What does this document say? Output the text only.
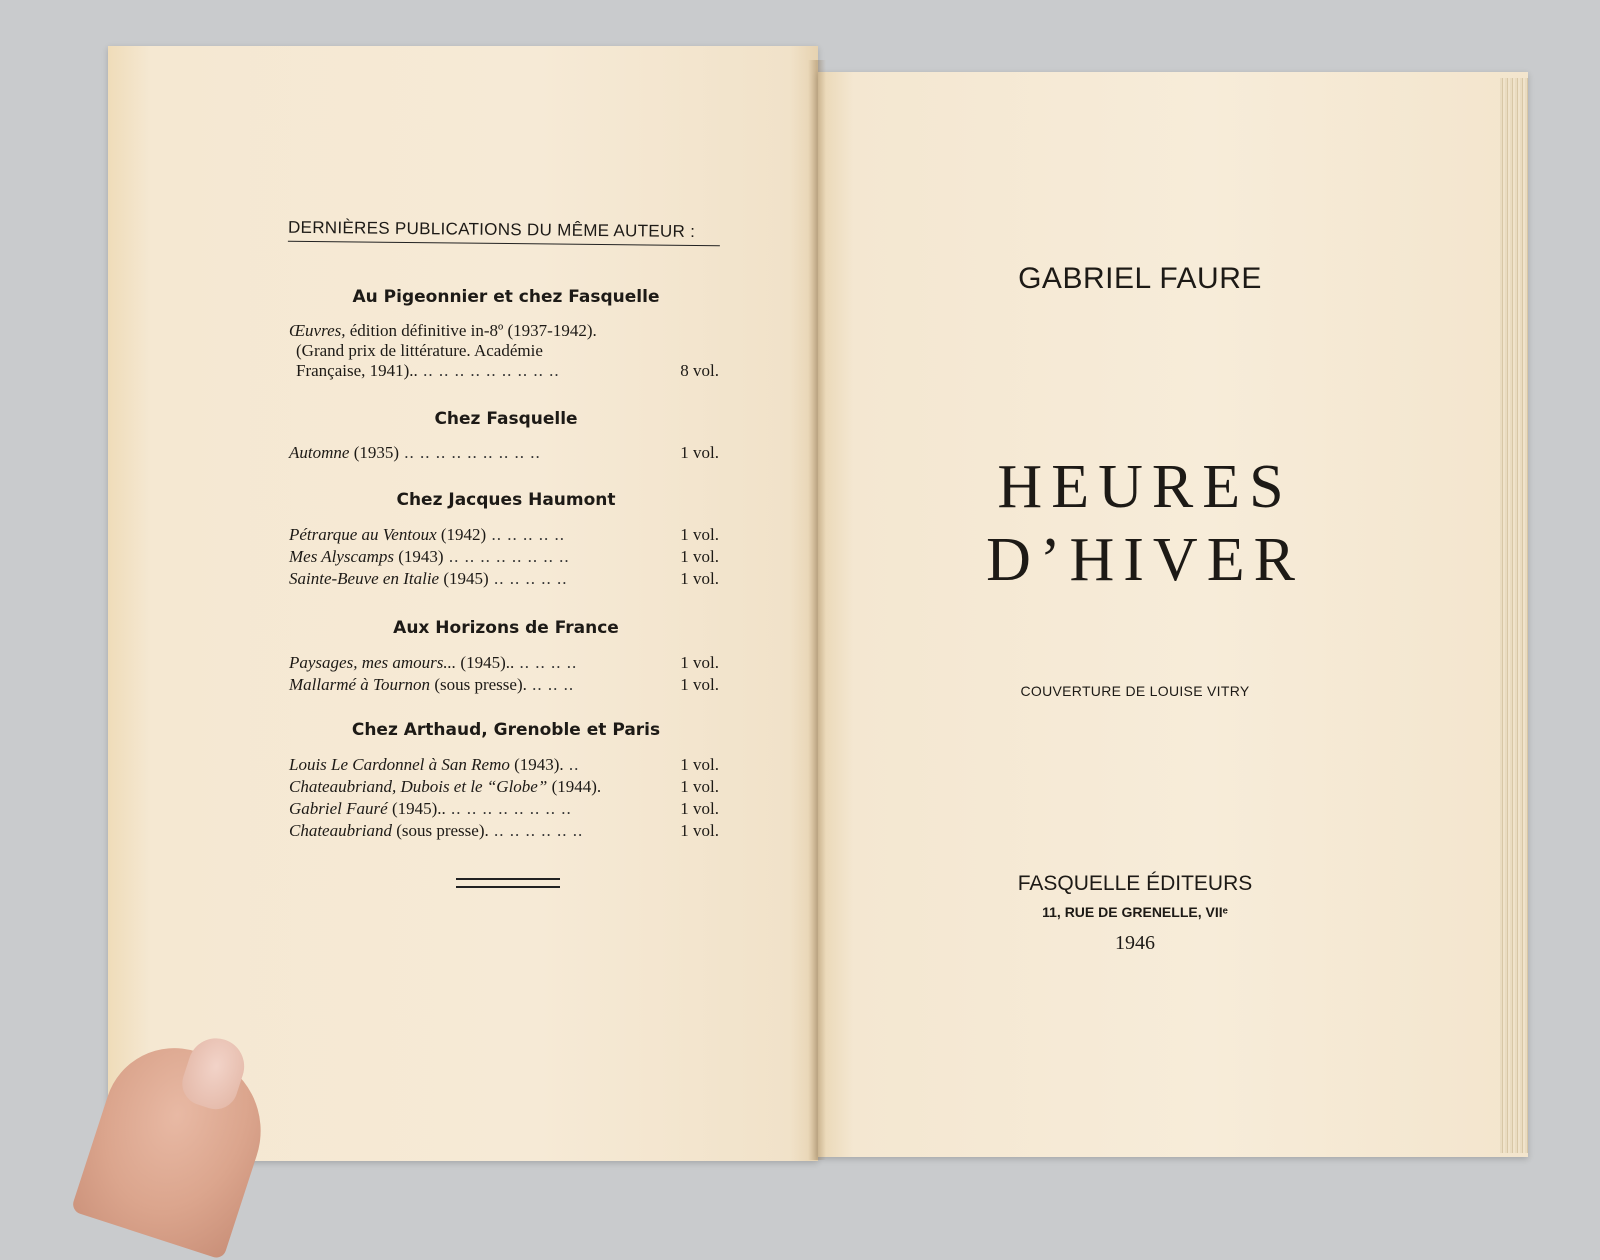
DERNIÈRES PUBLICATIONS DU MÊME AUTEUR :
Au Pigeonnier et chez Fasquelle
Œuvres, édition définitive in-8º (1937-1942).
(Grand prix de littérature. Académie
Française, 1941).. .. .. .. .. .. .. .. .. ..	8 vol.
Chez Fasquelle
Automne (1935) .. .. .. .. .. .. .. .. ..	1 vol.
Chez Jacques Haumont
Pétrarque au Ventoux (1942) .. .. .. .. ..	1 vol.
Mes Alyscamps (1943) .. .. .. .. .. .. .. ..	1 vol.
Sainte-Beuve en Italie (1945) .. .. .. .. ..	1 vol.
Aux Horizons de France
Paysages, mes amours... (1945).. .. .. .. ..	1 vol.
Mallarmé à Tournon (sous presse). .. .. ..	1 vol.
Chez Arthaud, Grenoble et Paris
Louis Le Cardonnel à San Remo (1943). ..	1 vol.
Chateaubriand, Dubois et le “Globe” (1944).	1 vol.
Gabriel Fauré (1945).. .. .. .. .. .. .. .. ..	1 vol.
Chateaubriand (sous presse). .. .. .. .. .. ..	1 vol.
GABRIEL FAURE
HEURES
D’HIVER
COUVERTURE DE LOUISE VITRY
FASQUELLE ÉDITEURS
11, RUE DE GRENELLE, VIIᵉ
1946
